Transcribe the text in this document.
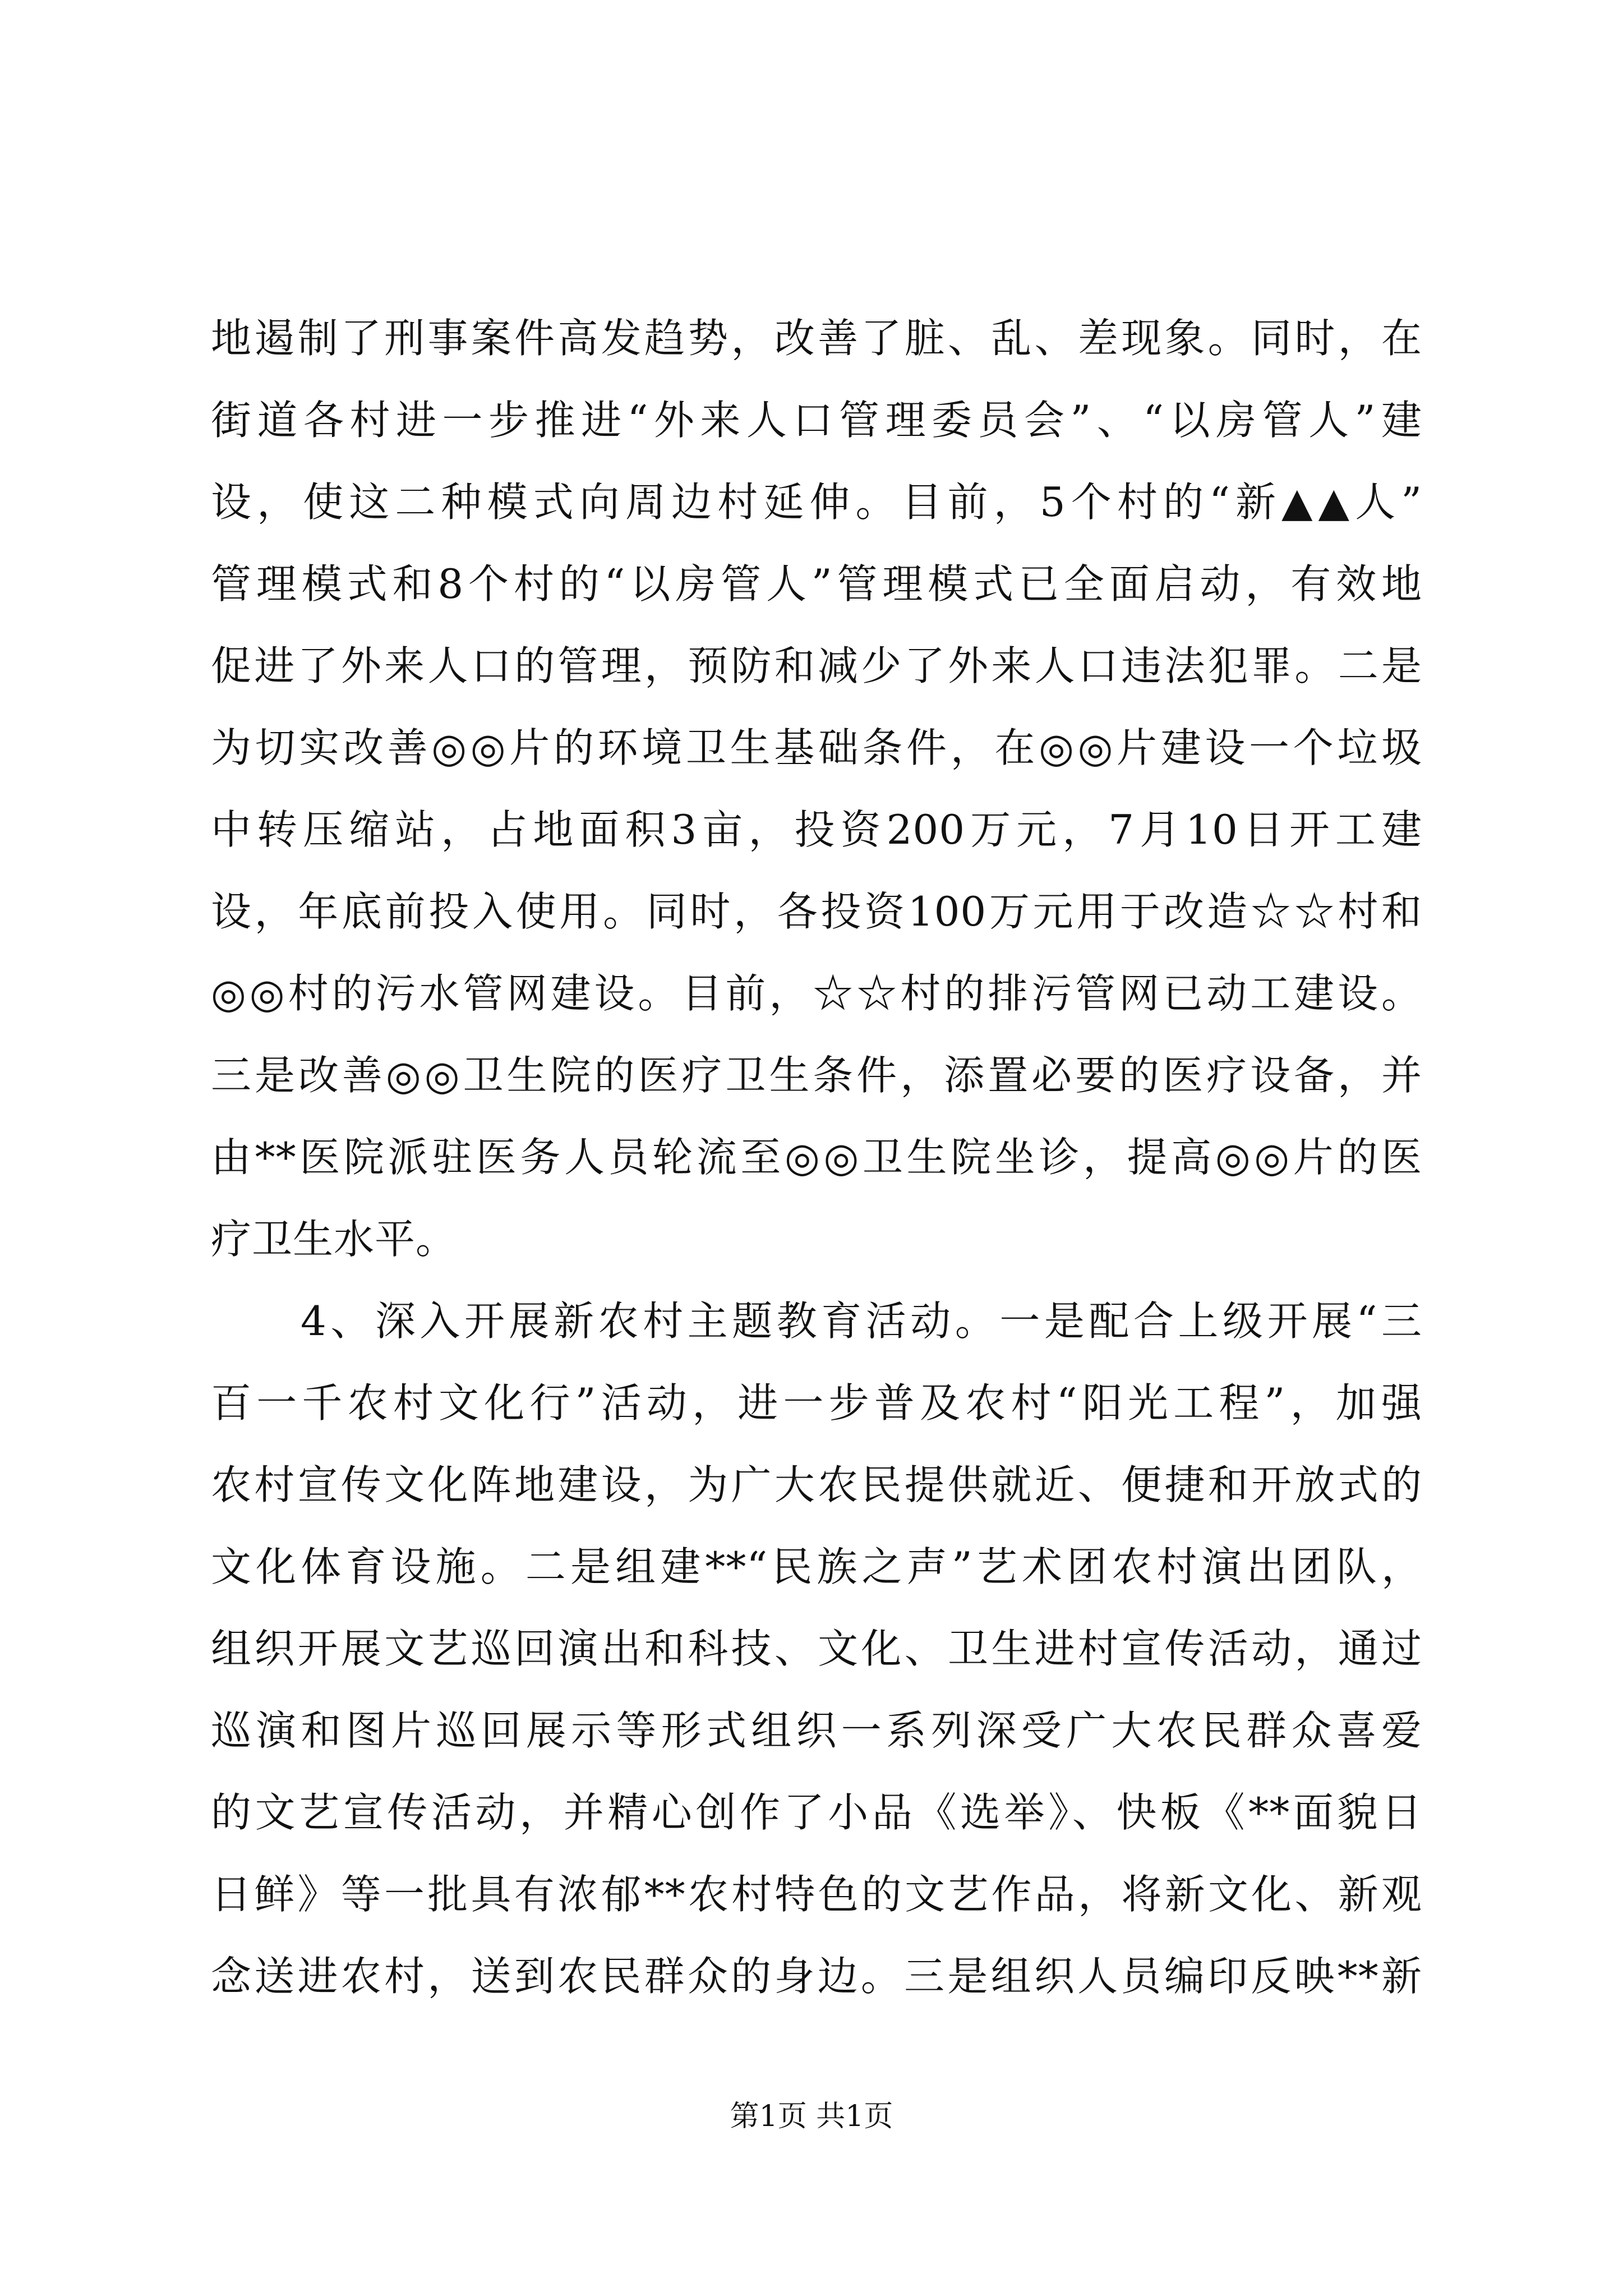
地遏制了刑事案件高发趋势，改善了脏、乱、差现象。同时，在
街道各村进一步推进“外来人口管理委员会”、“以房管人”建
设，使这二种模式向周边村延伸。目前，5个村的“新▲▲人”
管理模式和8个村的“以房管人”管理模式已全面启动，有效地
促进了外来人口的管理，预防和减少了外来人口违法犯罪。二是
为切实改善◎◎片的环境卫生基础条件，在◎◎片建设一个垃圾
中转压缩站，占地面积3亩，投资200万元，7月10日开工建
设，年底前投入使用。同时，各投资100万元用于改造☆☆村和
◎◎村的污水管网建设。目前，☆☆村的排污管网已动工建设。
三是改善◎◎卫生院的医疗卫生条件，添置必要的医疗设备，并
由**医院派驻医务人员轮流至◎◎卫生院坐诊，提高◎◎片的医
疗卫生水平。
4、深入开展新农村主题教育活动。一是配合上级开展“三
百一千农村文化行”活动，进一步普及农村“阳光工程”，加强
农村宣传文化阵地建设，为广大农民提供就近、便捷和开放式的
文化体育设施。二是组建**“民族之声”艺术团农村演出团队，
组织开展文艺巡回演出和科技、文化、卫生进村宣传活动，通过
巡演和图片巡回展示等形式组织一系列深受广大农民群众喜爱
的文艺宣传活动，并精心创作了小品《选举》、快板《**面貌日
日鲜》等一批具有浓郁**农村特色的文艺作品，将新文化、新观
念送进农村，送到农民群众的身边。三是组织人员编印反映**新
第1页 共1页
